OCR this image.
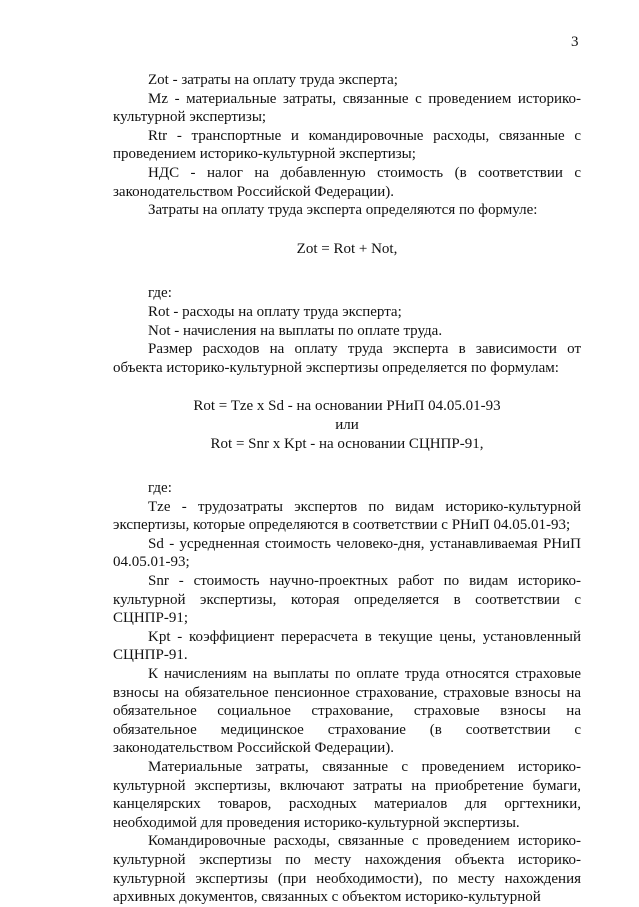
3

Zot - затраты на оплату труда эксперта;

Mz - материальные затраты, связанные с проведением историко-культурной экспертизы;

Rtr - транспортные и командировочные расходы, связанные с проведением историко-культурной экспертизы;

НДС - налог на добавленную стоимость (в соответствии с законодательством Российской Федерации).

Затраты на оплату труда эксперта определяются по формуле:

Zot = Rot + Not,

где:

Rot - расходы на оплату труда эксперта;

Not - начисления на выплаты по оплате труда.

Размер расходов на оплату труда эксперта в зависимости от объекта историко-культурной экспертизы определяется по формулам:

Rot = Tze x Sd - на основании РНиП 04.05.01-93

или

Rot = Snr x Kpt - на основании СЦНПР-91,

где:

Tze - трудозатраты экспертов по видам историко-культурной экспертизы, которые определяются в соответствии с РНиП 04.05.01-93;

Sd - усредненная стоимость человеко-дня, устанавливаемая РНиП 04.05.01-93;

Snr - стоимость научно-проектных работ по видам историко-культурной экспертизы, которая определяется в соответствии с СЦНПР-91;

Kpt - коэффициент перерасчета в текущие цены, установленный СЦНПР-91.

К начислениям на выплаты по оплате труда относятся страховые взносы на обязательное пенсионное страхование, страховые взносы на обязательное социальное страхование, страховые взносы на обязательное медицинское страхование (в соответствии с законодательством Российской Федерации).

Материальные затраты, связанные с проведением историко-культурной экспертизы, включают затраты на приобретение бумаги, канцелярских товаров, расходных материалов для оргтехники, необходимой для проведения историко-культурной экспертизы.

Командировочные расходы, связанные с проведением историко-культурной экспертизы по месту нахождения объекта историко-культурной экспертизы (при необходимости), по месту нахождения архивных документов, связанных с объектом историко-культурной
